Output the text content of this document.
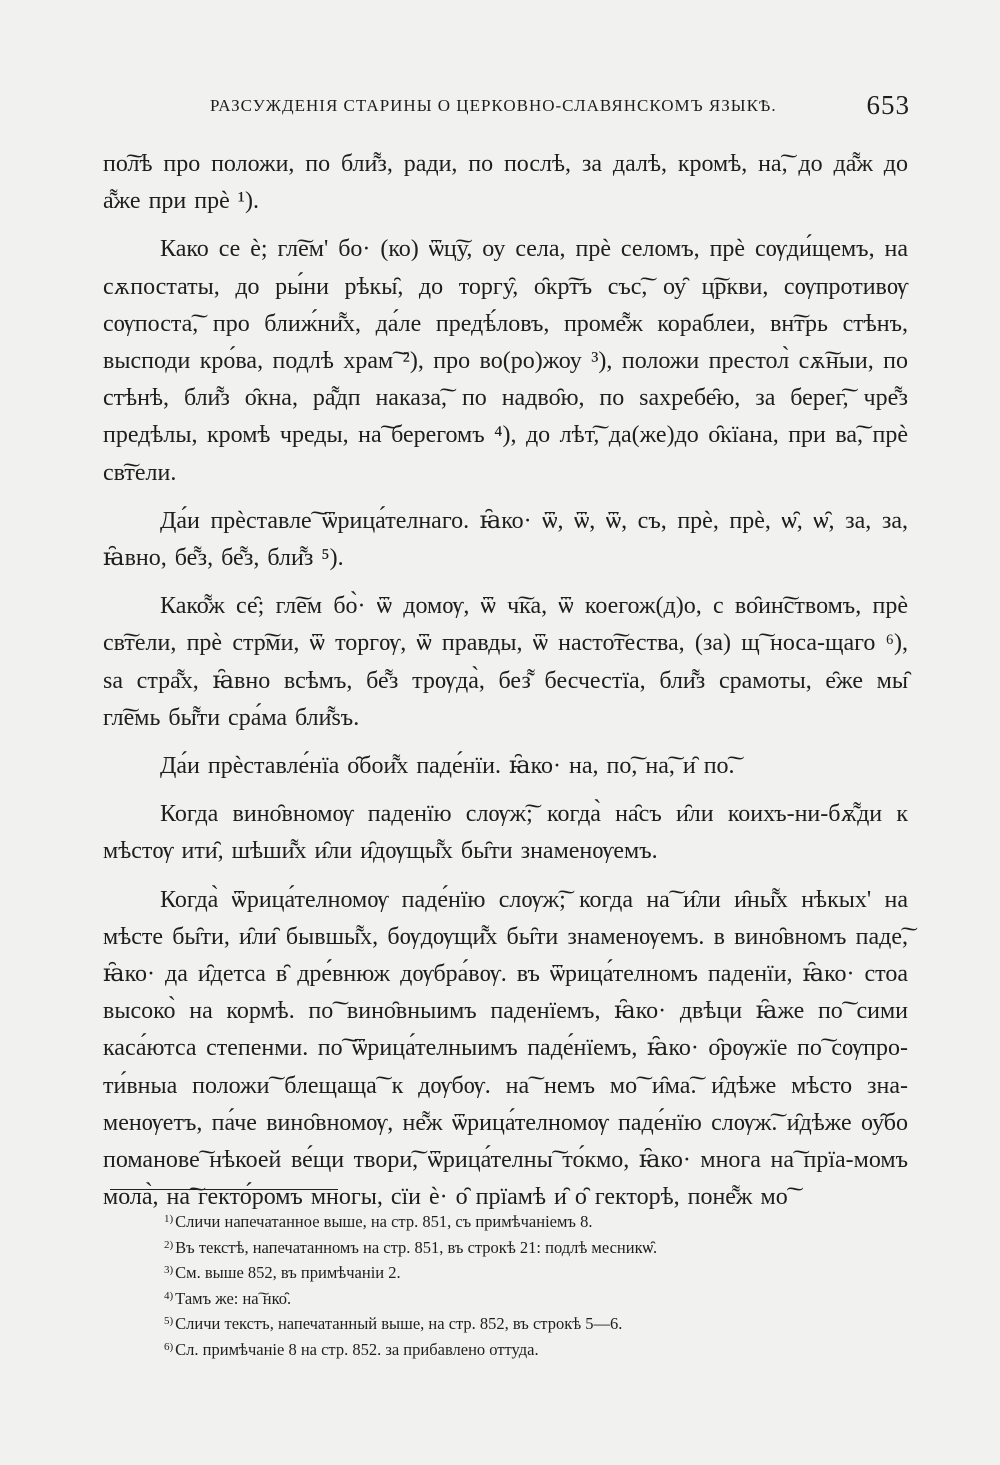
РАЗСУЖДЕНІЯ СТАРИНЫ О ЦЕРКОВНО-СЛАВЯНСКОМЪ ЯЗЫКѢ.	653

по͠лѣ про положи, по бли͌з, ради, по послѣ, за далѣ, кромѣ, на͠, до да͌ж до а͌же при прѐ ¹).

Како се ѐ; гл͠ем' бо· (ко) ѿц͠у, оу села, прѐ селомъ, прѐ сѹди́щемъ, на сѫпостаты, до ры́ни рѣкы̑, до торгу̑, о̑кр͠тъ със͠, оу̑ ц͠ркви, сѹпротивѹ сѹпоста͠, про ближ́ни͌х, да́ле предѣ́ловъ, проме͌ж кораблеи, вн͠трь стѣнъ, высподи кро́ва, подлѣ храм͠ ²), про во(ро)жоу ³), положи престол̀ сѫ͠ныи, по стѣнѣ, бли͌з о̑кна, ра͌дп наказа͠, по надво̑ю, по ѕахребе̑ю, за берег͠, чре͌з предѣлы, кромѣ чреды, на͠ берегомъ ⁴), до лѣт͠, да(же)до о̑кїана, при ва͠, прѐ св͠тели.

Да́и прѐставле͠ ѿрица́телнаго. ꙗ̑ко· ѿ, ѿ, ѿ, съ, прѐ, прѐ, ѡ̑, ѡ̑, за, за, ꙗ̑вно, бе͌з, бе͌з, бли͌з ⁵).

Како͌ж се̑; гл͠ем бо̀· ѿ домѹ, ѿ ч͠ка, ѿ коегож(д)о, с во̑ин͠ствомъ, прѐ св͠тели, прѐ стр͠ми, ѿ торгѹ, ѿ правды, ѿ насто͠тества, (за) щ͠ носа-щаго ⁶), ѕа стра͌х, ꙗ̑вно всѣмъ, бе͌з трѹда̀, без͌ бесчестїа, бли͌з срамоты, е̑же мы̑ гл͠емь бы͌ти сра́ма бли͌ѕъ.

Да́и прѐставле́нїа о̑бои͌х паде́нїи. ꙗ̑ко· на, по͠, на͠, и̑ по͠.

Когда вино̑вномѹ паденїю слѹж͠; когда̀ на̑съ и̑ли коихъ-ни-бѫ͌ди к мѣстѹ ити̑, шѣши͌х и̑ли и̑дѹщы͌х бы̑ти знаменѹемъ.

Когда̀ ѿрица́телномѹ паде́нїю слѹж͠; когда на͠ и̑ли и̑ны͌х нѣкых' на мѣсте бы̑ти, и̑ли̑ бывшы͌х, бѹдѹщи͌х бы̑ти знаменѹемъ. в вино̑вномъ паде͠, ꙗ̑ко· да и̑детса в̑ дре́внюж дѹбра́вѹ. въ ѿрица́телномъ паденїи, ꙗ̑ко· стоа высоко̀ на кормѣ. по͠ вино̑вныимъ паденїемъ, ꙗ̑ко· двѣци ꙗ̑же по͠ сими каса́ютса степенми. по͠ ѿрица́телныимъ паде́нїемъ, ꙗ̑ко· о̑рѹжїе по͠ сѹпро-ти́вныа положи͠ блещаща͠ к дѹбѹ. на͠ немъ мо͠ и̑ма͠. и̑дѣже мѣсто зна-менѹетъ, па́че вино̑вномѹ, не͌ж ѿрица́телномѹ паде́нїю слѹж͠. и̑дѣже оу̑бо поманове͠ нѣкоей ве́щи твори͠, ѿрица́телны͠ то́кмо, ꙗ̑ко· многа на͠ прїа-момъ мола̀, на͠ гекто́ромъ многы, сїи ѐ· о̑ прїамѣ и̑ о̑ гекторѣ, поне͌ж мо͠

$^{1)}$ Сличи напечатанное выше, на стр. 851, съ примѣчаніемъ 8.
$^{2)}$ Въ текстѣ, напечатанномъ на стр. 851, въ строкѣ 21: подлѣ месникѡ̑.
$^{3)}$ См. выше 852, въ примѣчаніи 2.
$^{4)}$ Тамъ же: на͠ нко̑.
$^{5)}$ Сличи текстъ, напечатанный выше, на стр. 852, въ строкѣ 5—6.
$^{6)}$ Сл. примѣчаніе 8 на стр. 852. за прибавлено оттуда.
